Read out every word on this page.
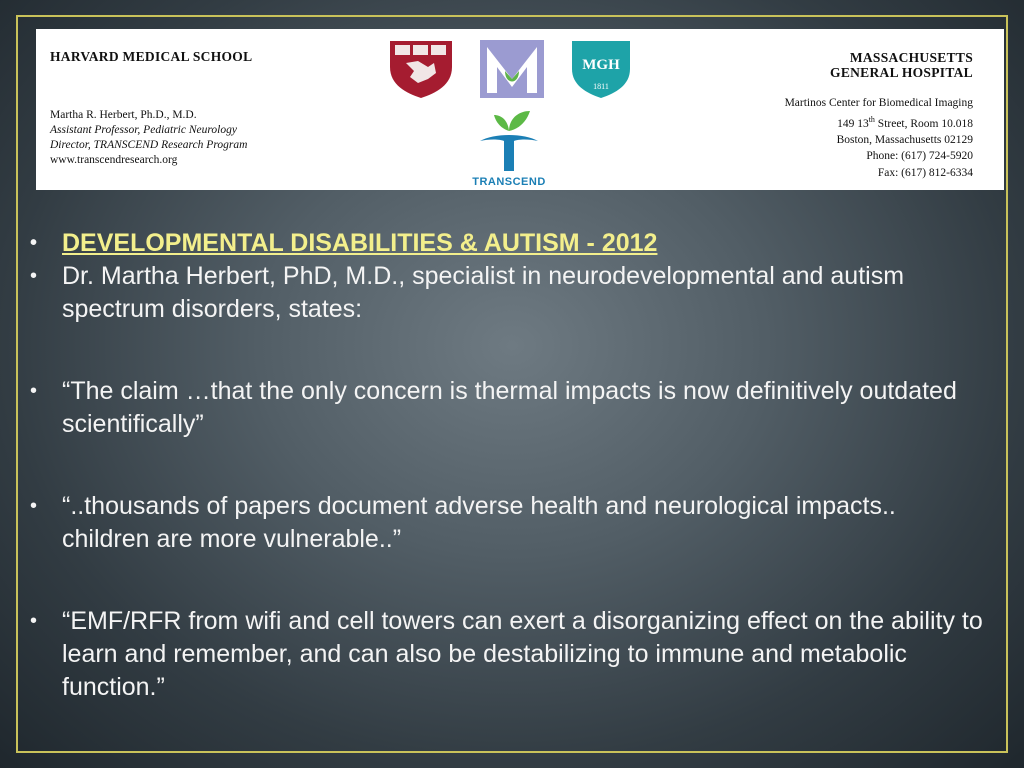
HARVARD MEDICAL SCHOOL
Martha R. Herbert, Ph.D., M.D.
Assistant Professor, Pediatric Neurology
Director, TRANSCEND Research Program
www.transcendresearch.org
MGH
1811
TRANSCEND
MASSACHUSETTS
GENERAL HOSPITAL
Martinos Center for Biomedical Imaging
149 13th Street, Room 10.018
Boston, Massachusetts 02129
Phone: (617) 724-5920
Fax: (617) 812-6334
• DEVELOPMENTAL DISABILITIES & AUTISM - 2012
• Dr. Martha Herbert, PhD, M.D., specialist in neurodevelopmental and autism spectrum disorders, states:
• “The claim …that the only concern is thermal impacts is now definitively outdated scientifically”
• “..thousands of papers document adverse health and neurological impacts.. children are more vulnerable..”
• “EMF/RFR from wifi and cell towers can exert a disorganizing effect on the ability to learn and remember, and can also be destabilizing to immune and metabolic function.”
